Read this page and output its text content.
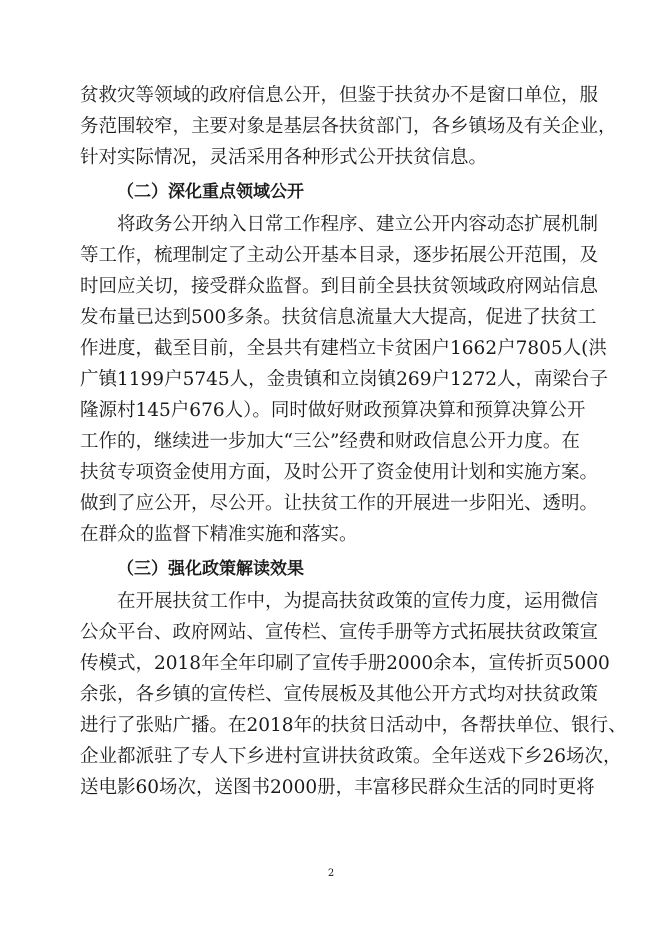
贫救灾等领域的政府信息公开，但鉴于扶贫办不是窗口单位，服
务范围较窄，主要对象是基层各扶贫部门，各乡镇场及有关企业，
针对实际情况，灵活采用各种形式公开扶贫信息。
（二）深化重点领域公开
将政务公开纳入日常工作程序、建立公开内容动态扩展机制
等工作，梳理制定了主动公开基本目录，逐步拓展公开范围，及
时回应关切，接受群众监督。到目前全县扶贫领域政府网站信息
发布量已达到500多条。扶贫信息流量大大提高，促进了扶贫工
作进度，截至目前，全县共有建档立卡贫困户1662户7805人(洪
广镇1199户5745人，金贵镇和立岗镇269户1272人，南梁台子
隆源村145户676人）。同时做好财政预算决算和预算决算公开
工作的，继续进一步加大“三公”经费和财政信息公开力度。在
扶贫专项资金使用方面，及时公开了资金使用计划和实施方案。
做到了应公开，尽公开。让扶贫工作的开展进一步阳光、透明。
在群众的监督下精准实施和落实。
（三）强化政策解读效果
在开展扶贫工作中，为提高扶贫政策的宣传力度，运用微信
公众平台、政府网站、宣传栏、宣传手册等方式拓展扶贫政策宣
传模式，2018年全年印刷了宣传手册2000余本，宣传折页5000
余张，各乡镇的宣传栏、宣传展板及其他公开方式均对扶贫政策
进行了张贴广播。在2018年的扶贫日活动中，各帮扶单位、银行、
企业都派驻了专人下乡进村宣讲扶贫政策。全年送戏下乡26场次，
送电影60场次，送图书2000册，丰富移民群众生活的同时更将
2
